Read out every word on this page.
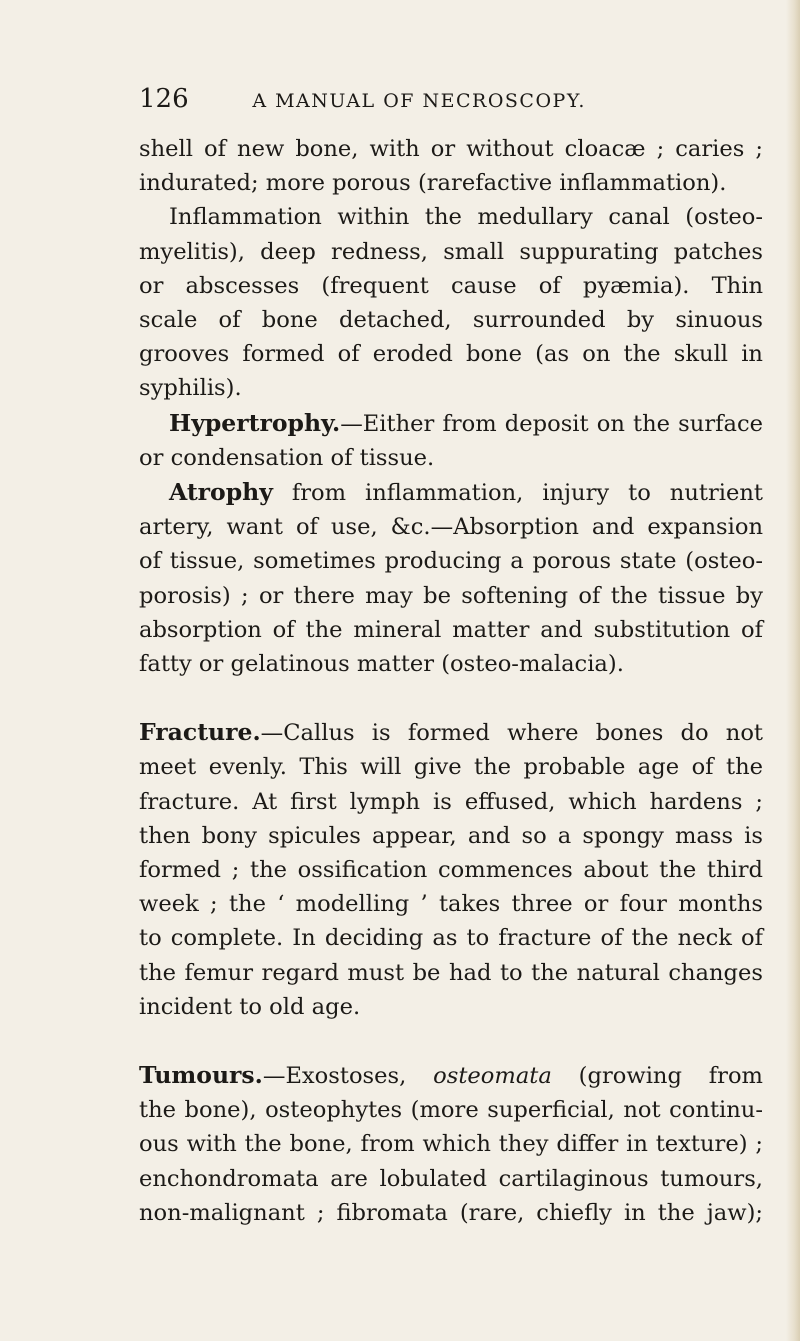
126	A MANUAL OF NECROSCOPY.
shell of new bone, with or without cloacæ ; caries ;
indurated; more porous (rarefactive inflammation).
Inflammation within the medullary canal (osteo-
myelitis), deep redness, small suppurating patches
or abscesses (frequent cause of pyæmia). Thin
scale of bone detached, surrounded by sinuous
grooves formed of eroded bone (as on the skull in
syphilis).
Hypertrophy.—Either from deposit on the surface
or condensation of tissue.
Atrophy from inflammation, injury to nutrient
artery, want of use, &c.—Absorption and expansion
of tissue, sometimes producing a porous state (osteo-
porosis) ; or there may be softening of the tissue by
absorption of the mineral matter and substitution of
fatty or gelatinous matter (osteo-malacia).
Fracture.—Callus is formed where bones do not
meet evenly. This will give the probable age of the
fracture. At first lymph is effused, which hardens ;
then bony spicules appear, and so a spongy mass is
formed ; the ossification commences about the third
week ; the ‘ modelling ’ takes three or four months
to complete. In deciding as to fracture of the neck of
the femur regard must be had to the natural changes
incident to old age.
Tumours.—Exostoses, osteomata (growing from
the bone), osteophytes (more superficial, not continu-
ous with the bone, from which they differ in texture) ;
enchondromata are lobulated cartilaginous tumours,
non-malignant ; fibromata (rare, chiefly in the jaw);
